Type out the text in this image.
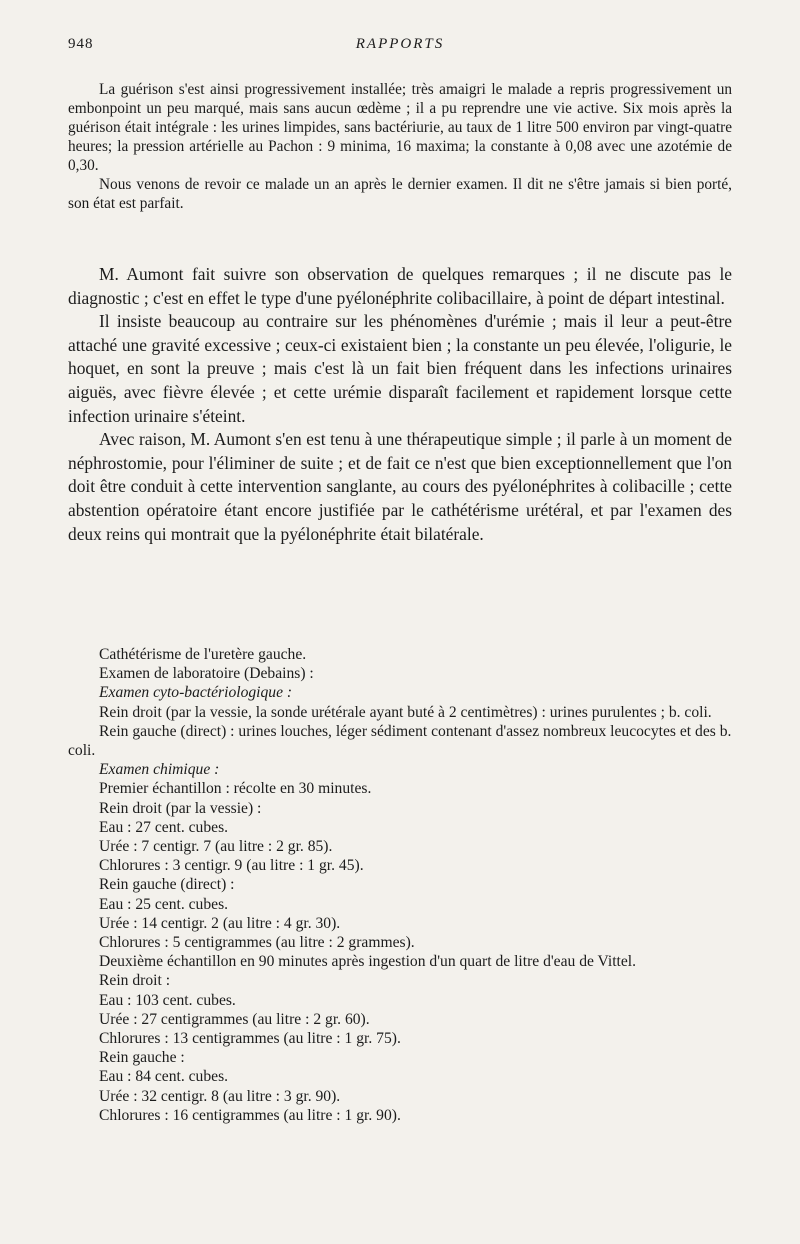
948	RAPPORTS

La guérison s'est ainsi progressivement installée; très amaigri le malade a repris progressivement un embonpoint un peu marqué, mais sans aucun œdème ; il a pu reprendre une vie active. Six mois après la guérison était intégrale : les urines limpides, sans bactériurie, au taux de 1 litre 500 environ par vingt-quatre heures; la pression artérielle au Pachon : 9 minima, 16 maxima; la constante à 0,08 avec une azotémie de 0,30.

Nous venons de revoir ce malade un an après le dernier examen. Il dit ne s'être jamais si bien porté, son état est parfait.

M. Aumont fait suivre son observation de quelques remarques ; il ne discute pas le diagnostic ; c'est en effet le type d'une pyélonéphrite colibacillaire, à point de départ intestinal.

Il insiste beaucoup au contraire sur les phénomènes d'urémie ; mais il leur a peut-être attaché une gravité excessive ; ceux-ci existaient bien ; la constante un peu élevée, l'oligurie, le hoquet, en sont la preuve ; mais c'est là un fait bien fréquent dans les infections urinaires aiguës, avec fièvre élevée ; et cette urémie disparaît facilement et rapidement lorsque cette infection urinaire s'éteint.

Avec raison, M. Aumont s'en est tenu à une thérapeutique simple ; il parle à un moment de néphrostomie, pour l'éliminer de suite ; et de fait ce n'est que bien exceptionnellement que l'on doit être conduit à cette intervention sanglante, au cours des pyélonéphrites à colibacille ; cette abstention opératoire étant encore justifiée par le cathétérisme urétéral, et par l'examen des deux reins qui montrait que la pyélonéphrite était bilatérale.

Cathétérisme de l'uretère gauche.

Examen de laboratoire (Debains) :

Examen cyto-bactériologique :

Rein droit (par la vessie, la sonde urétérale ayant buté à 2 centimètres) : urines purulentes ; b. coli.

Rein gauche (direct) : urines louches, léger sédiment contenant d'assez nombreux leucocytes et des b. coli.

Examen chimique :

Premier échantillon : récolte en 30 minutes.

Rein droit (par la vessie) :

Eau : 27 cent. cubes.

Urée : 7 centigr. 7 (au litre : 2 gr. 85).

Chlorures : 3 centigr. 9 (au litre : 1 gr. 45).

Rein gauche (direct) :

Eau : 25 cent. cubes.

Urée : 14 centigr. 2 (au litre : 4 gr. 30).

Chlorures : 5 centigrammes (au litre : 2 grammes).

Deuxième échantillon en 90 minutes après ingestion d'un quart de litre d'eau de Vittel.

Rein droit :

Eau : 103 cent. cubes.

Urée : 27 centigrammes (au litre : 2 gr. 60).

Chlorures : 13 centigrammes (au litre : 1 gr. 75).

Rein gauche :

Eau : 84 cent. cubes.

Urée : 32 centigr. 8 (au litre : 3 gr. 90).

Chlorures : 16 centigrammes (au litre : 1 gr. 90).
